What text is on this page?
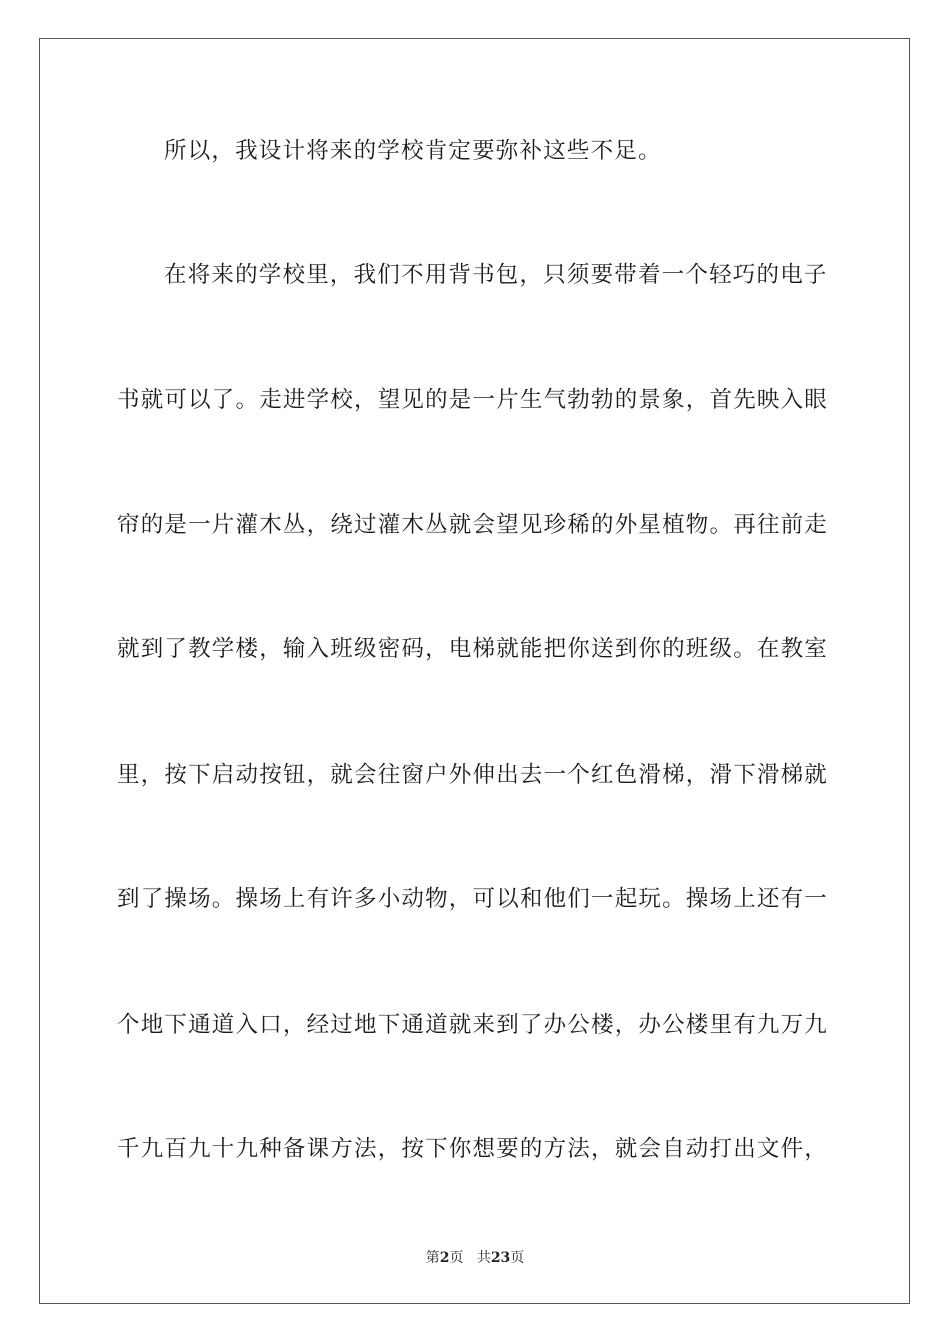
所以，我设计将来的学校肯定要弥补这些不足。
在将来的学校里，我们不用背书包，只须要带着一个轻巧的电子
书就可以了。走进学校，望见的是一片生气勃勃的景象，首先映入眼
帘的是一片灌木丛，绕过灌木丛就会望见珍稀的外星植物。再往前走
就到了教学楼，输入班级密码，电梯就能把你送到你的班级。在教室
里，按下启动按钮，就会往窗户外伸出去一个红色滑梯，滑下滑梯就
到了操场。操场上有许多小动物，可以和他们一起玩。操场上还有一
个地下通道入口，经过地下通道就来到了办公楼，办公楼里有九万九
千九百九十九种备课方法，按下你想要的方法，就会自动打出文件，
第2页 共23页
